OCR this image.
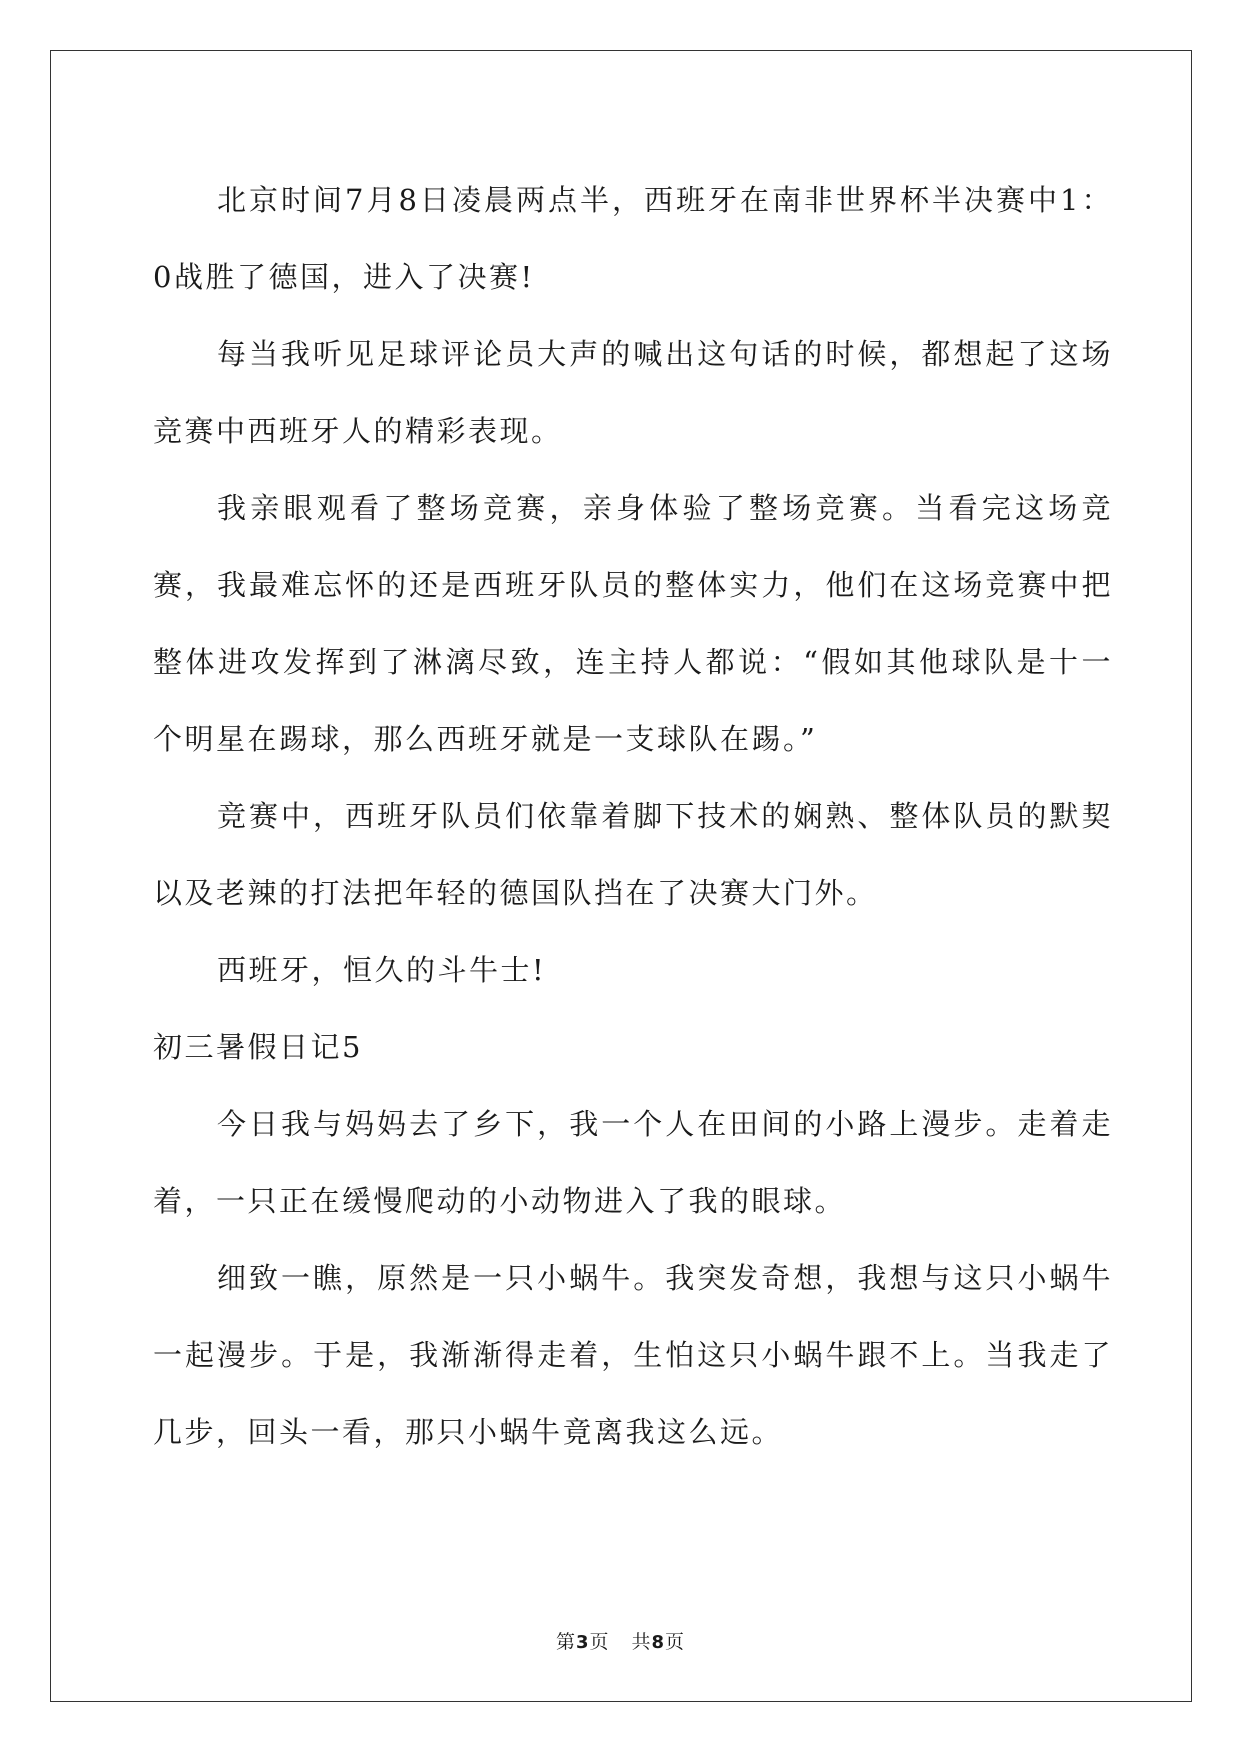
北京时间7月8日凌晨两点半，西班牙在南非世界杯半决赛中1：0战胜了德国，进入了决赛!

每当我听见足球评论员大声的喊出这句话的时候，都想起了这场竞赛中西班牙人的精彩表现。

我亲眼观看了整场竞赛，亲身体验了整场竞赛。当看完这场竞赛，我最难忘怀的还是西班牙队员的整体实力，他们在这场竞赛中把整体进攻发挥到了淋漓尽致，连主持人都说：“假如其他球队是十一个明星在踢球，那么西班牙就是一支球队在踢。”

竞赛中，西班牙队员们依靠着脚下技术的娴熟、整体队员的默契以及老辣的打法把年轻的德国队挡在了决赛大门外。

西班牙，恒久的斗牛士!

初三暑假日记5

今日我与妈妈去了乡下，我一个人在田间的小路上漫步。走着走着，一只正在缓慢爬动的小动物进入了我的眼球。

细致一瞧，原然是一只小蜗牛。我突发奇想，我想与这只小蜗牛一起漫步。于是，我渐渐得走着，生怕这只小蜗牛跟不上。当我走了几步，回头一看，那只小蜗牛竟离我这么远。

第3页 共8页
